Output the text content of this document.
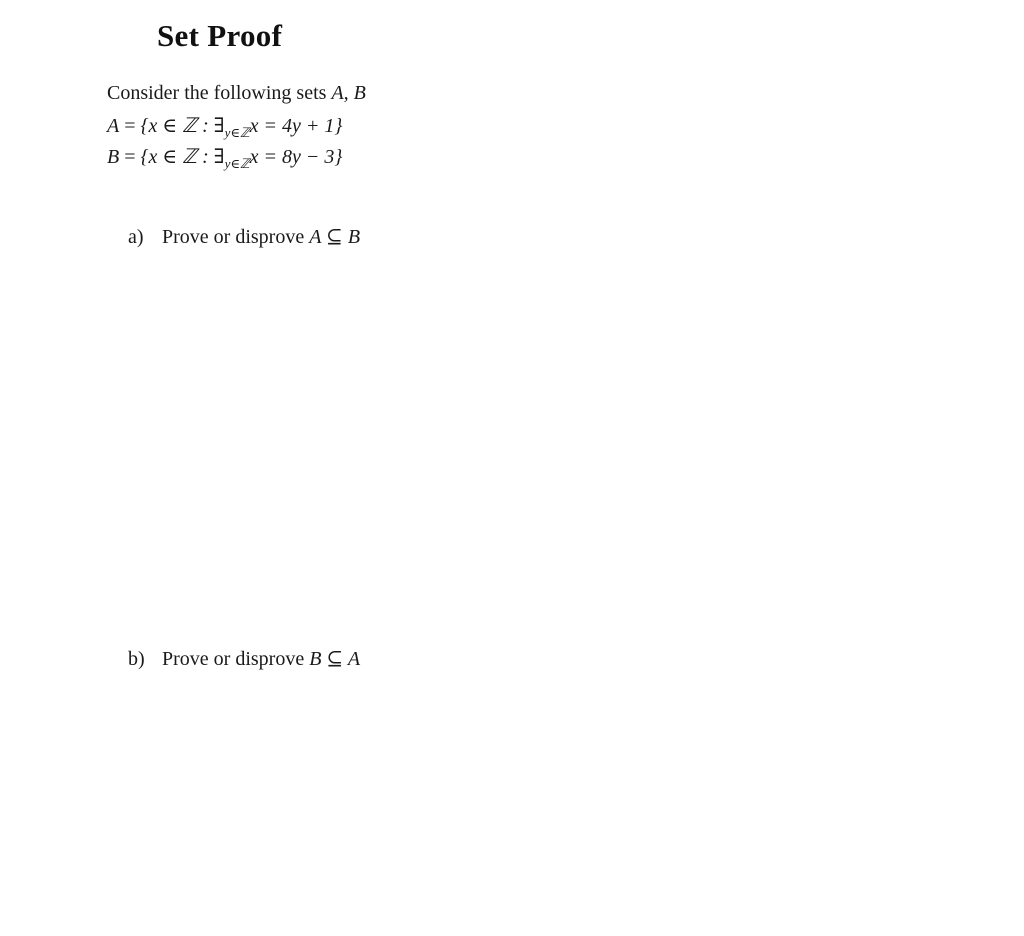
Set Proof
Consider the following sets A, B
A = {x ∈ ℤ : $\exists_{y\in ℤ}x = 4y + 1$}
B = {x ∈ ℤ : $\exists_{y\in ℤ}x = 8y - 3$}
a) Prove or disprove A ⊆ B
b) Prove or disprove B ⊆ A
